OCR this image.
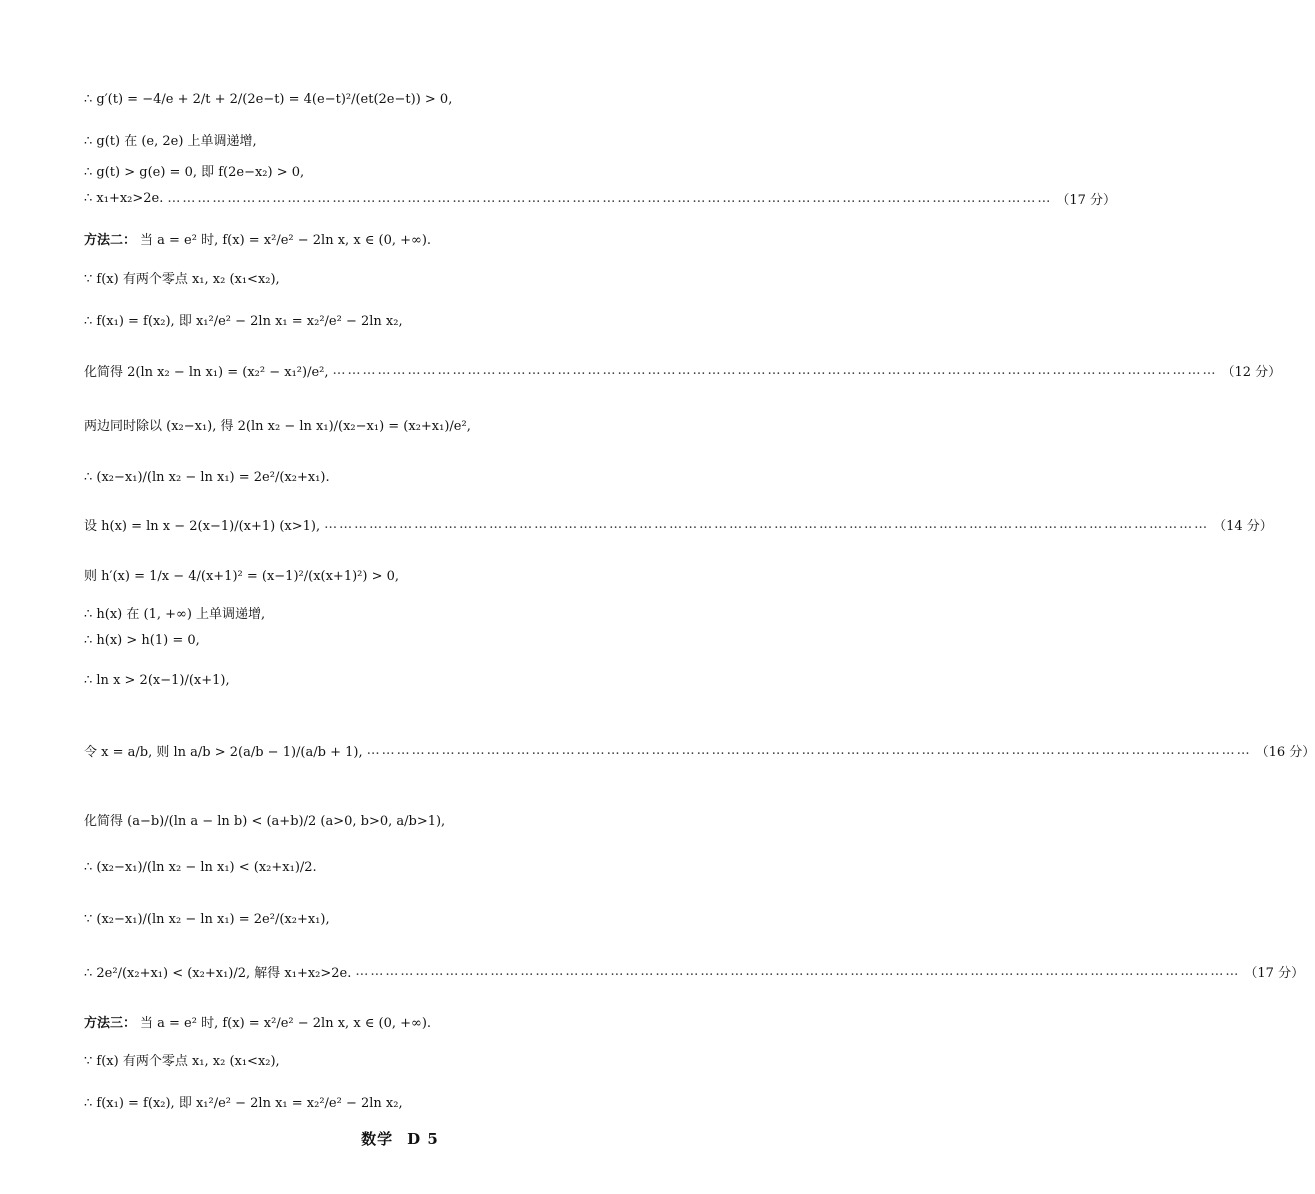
∴ g′(t) = −4/e + 2/t + 2/(2e−t) = 4(e−t)²/(et(2e−t)) > 0,
∴ g(t) 在 (e, 2e) 上单调递增,
∴ g(t) > g(e) = 0, 即 f(2e−x₂) > 0,
∴ x₁+x₂>2e. …………………………………………………………………………………………………………………………………………………………… （17 分）
方法二： 当 a = e² 时, f(x) = x²/e² − 2ln x, x ∈ (0, +∞).
∵ f(x) 有两个零点 x₁, x₂ (x₁<x₂),
∴ f(x₁) = f(x₂), 即 x₁²/e² − 2ln x₁ = x₂²/e² − 2ln x₂,
化简得 2(ln x₂ − ln x₁) = (x₂² − x₁²)/e², …………………………………………………………………………………………………………………………………………………………… （12 分）
两边同时除以 (x₂−x₁), 得 2(ln x₂ − ln x₁)/(x₂−x₁) = (x₂+x₁)/e²,
∴ (x₂−x₁)/(ln x₂ − ln x₁) = 2e²/(x₂+x₁).
设 h(x) = ln x − 2(x−1)/(x+1) (x>1), …………………………………………………………………………………………………………………………………………………………… （14 分）
则 h′(x) = 1/x − 4/(x+1)² = (x−1)²/(x(x+1)²) > 0,
∴ h(x) 在 (1, +∞) 上单调递增,
∴ h(x) > h(1) = 0,
∴ ln x > 2(x−1)/(x+1),
令 x = a/b, 则 ln a/b > 2(a/b − 1)/(a/b + 1), …………………………………………………………………………………………………………………………………………………………… （16 分）
化简得 (a−b)/(ln a − ln b) < (a+b)/2 (a>0, b>0, a/b>1),
∴ (x₂−x₁)/(ln x₂ − ln x₁) < (x₂+x₁)/2.
∵ (x₂−x₁)/(ln x₂ − ln x₁) = 2e²/(x₂+x₁),
∴ 2e²/(x₂+x₁) < (x₂+x₁)/2, 解得 x₁+x₂>2e. …………………………………………………………………………………………………………………………………………………………… （17 分）
方法三： 当 a = e² 时, f(x) = x²/e² − 2ln x, x ∈ (0, +∞).
∵ f(x) 有两个零点 x₁, x₂ (x₁<x₂),
∴ f(x₁) = f(x₂), 即 x₁²/e² − 2ln x₁ = x₂²/e² − 2ln x₂,
数学 D 5
